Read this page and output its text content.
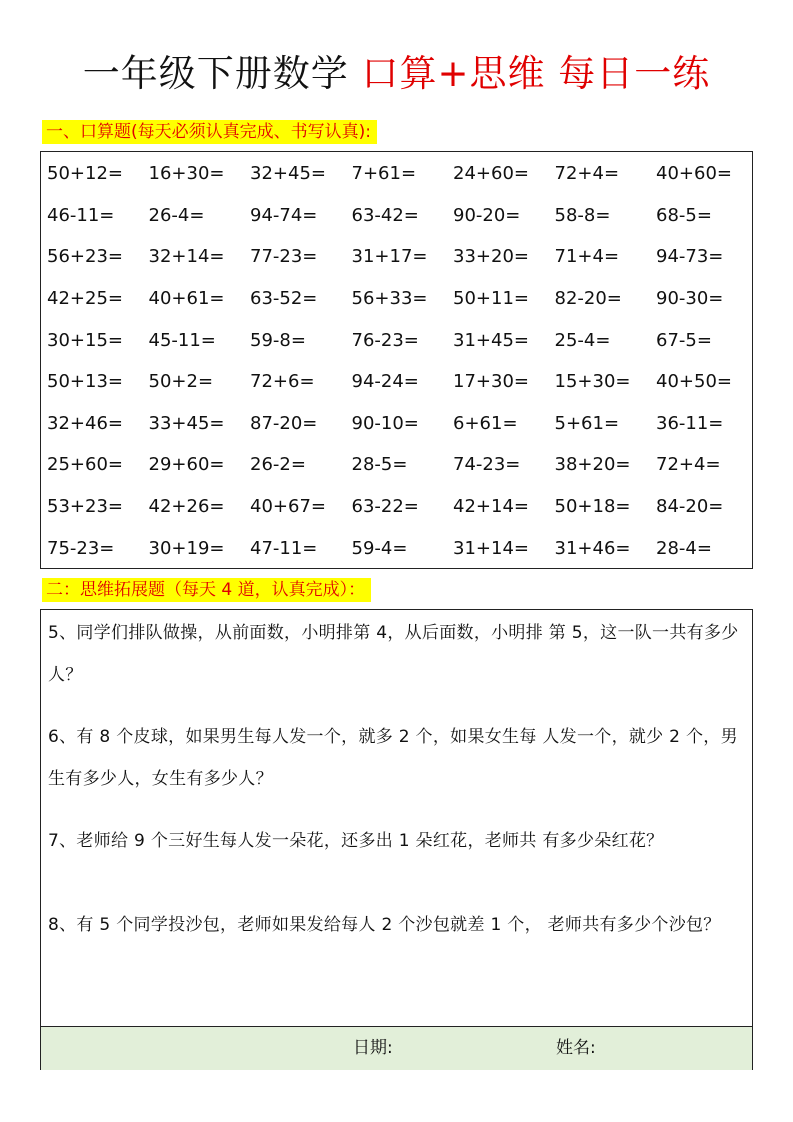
一年级下册数学 口算+思维 每日一练
一、口算题(每天必须认真完成、书写认真):
50+12=	16+30=	32+45=	7+61=	24+60=	72+4=	40+60=
46-11=	26-4=	94-74=	63-42=	90-20=	58-8=	68-5=
56+23=	32+14=	77-23=	31+17=	33+20=	71+4=	94-73=
42+25=	40+61=	63-52=	56+33=	50+11=	82-20=	90-30=
30+15=	45-11=	59-8=	76-23=	31+45=	25-4=	67-5=
50+13=	50+2=	72+6=	94-24=	17+30=	15+30=	40+50=
32+46=	33+45=	87-20=	90-10=	6+61=	5+61=	36-11=
25+60=	29+60=	26-2=	28-5=	74-23=	38+20=	72+4=
53+23=	42+26=	40+67=	63-22=	42+14=	50+18=	84-20=
75-23=	30+19=	47-11=	59-4=	31+14=	31+46=	28-4=
二：思维拓展题（每天 4 道，认真完成）：
5、同学们排队做操，从前面数，小明排第 4，从后面数，小明排 第 5，这一队一共有多少人？
6、有 8 个皮球，如果男生每人发一个，就多 2 个，如果女生每 人发一个，就少 2 个，男生有多少人，女生有多少人？
7、老师给 9 个三好生每人发一朵花，还多出 1 朵红花，老师共 有多少朵红花？
8、有 5 个同学投沙包，老师如果发给每人 2 个沙包就差 1 个， 老师共有多少个沙包？
日期:	姓名:
